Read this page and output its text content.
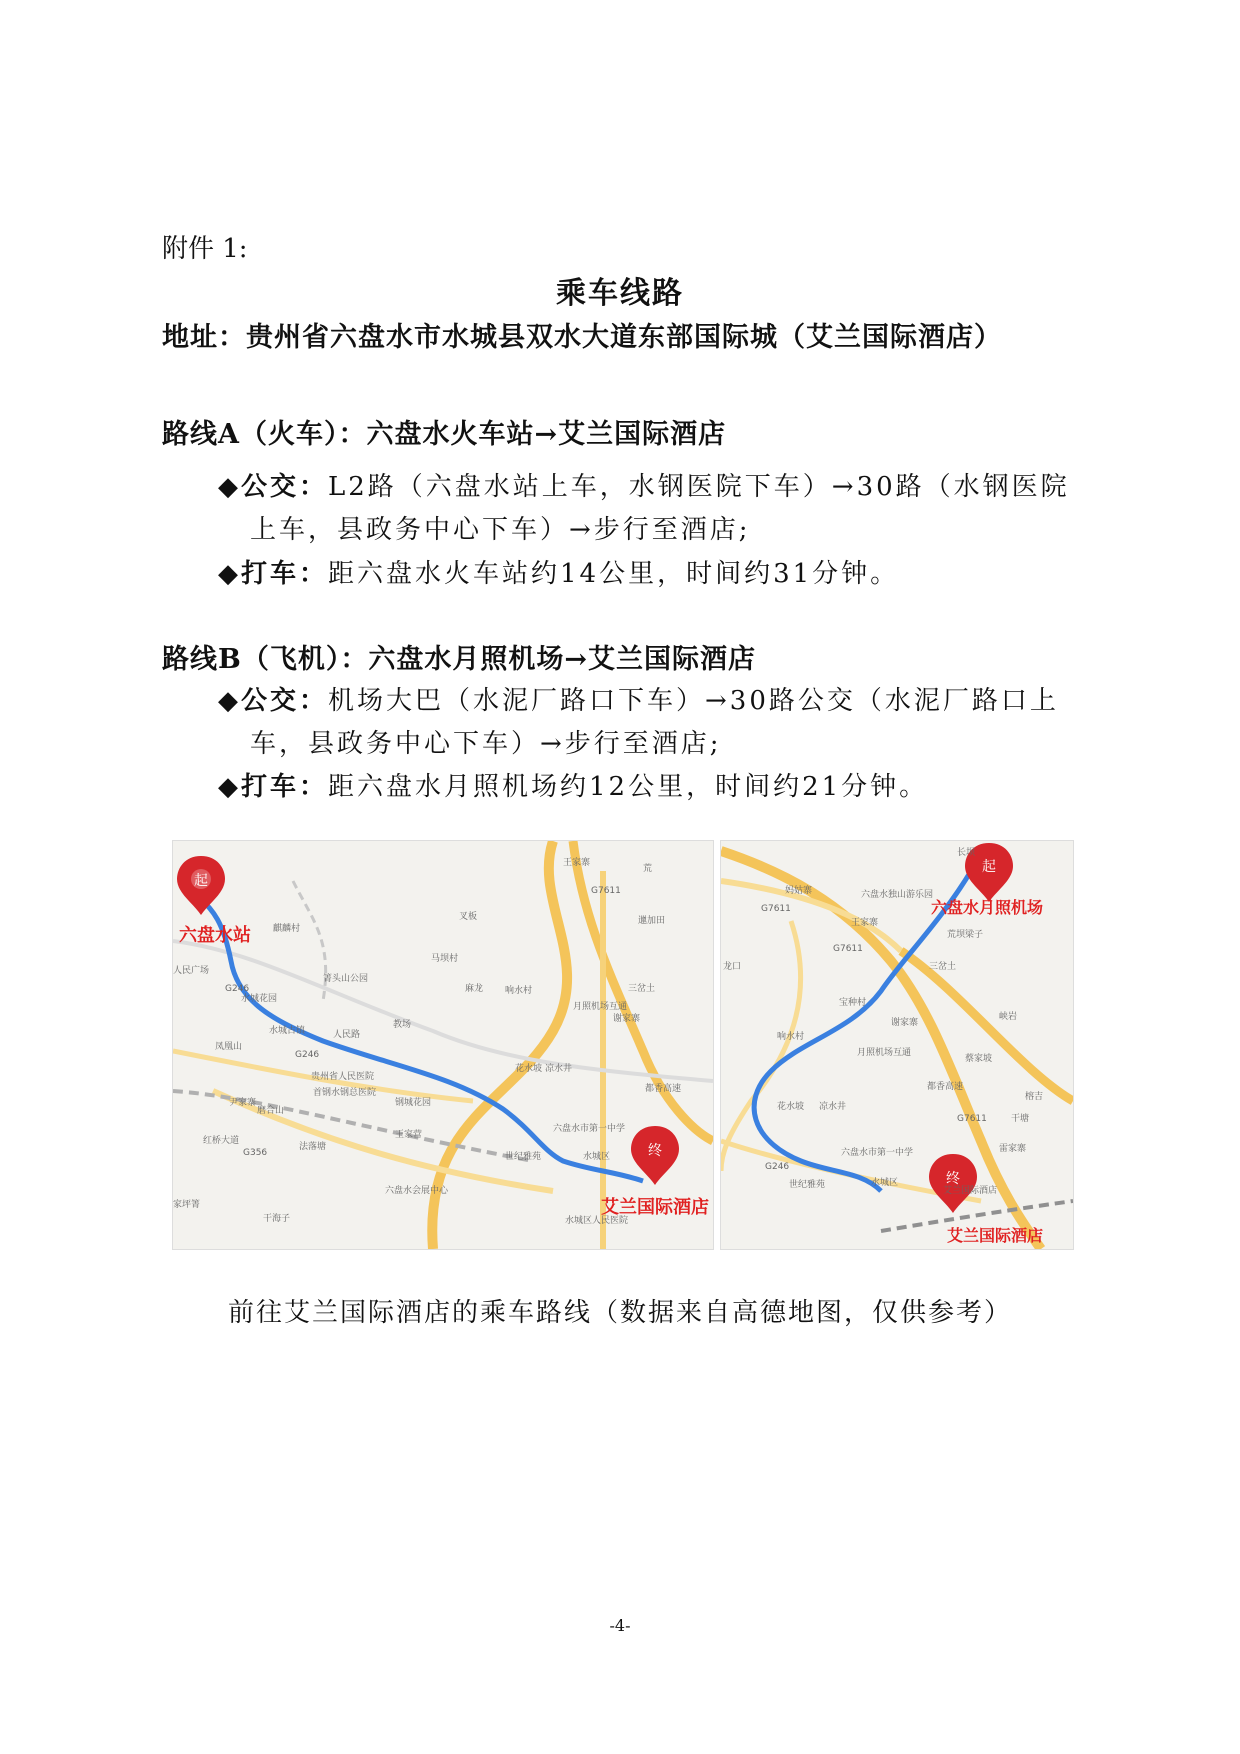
附件 1:
乘车线路
地址：贵州省六盘水市水城县双水大道东部国际城（艾兰国际酒店）
路线A（火车）：六盘水火车站→艾兰国际酒店
◆公交：L2路（六盘水站上车，水钢医院下车）→30路（水钢医院
上车，县政务中心下车）→步行至酒店;
◆打车：距六盘水火车站约14公里，时间约31分钟。
路线B（飞机）：六盘水月照机场→艾兰国际酒店
◆公交：机场大巴（水泥厂路口下车）→30路公交（水泥厂路口上
车，县政务中心下车）→步行至酒店;
◆打车：距六盘水月照机场约12公里，时间约21分钟。
起
六盘水站
终
艾兰国际酒店
王家寨
G7611
荒
邋加田
三岔土
麒麟村
叉板
马坝村
箐头山公园
人民广场
G246
水城花园
水城古镇	人民路
教场
麻龙 响水村
月照机场互通
谢家寨
凤凰山
G246
贵州省人民医院
首钢水钢总医院
钢城花园
花水坡 凉水井
尹家寨
磨合山
六盘水市第一中学
红桥大道
法落塘
王家营
G356	世纪雅苑	水城区
都香高速
家坪箐
六盘水会展中心
干海子	水城区人民医院
起
六盘水月照机场
终
艾兰国际酒店
长坝
妈姑寨	六盘水独山游乐园
G7611
王家寨
荒坝梁子
G7611
三岔土
龙口
宝种村
谢家寨
峡岩
响水村
月照机场互通
蔡家坡
都香高速
花水坡 凉水井
G7611	干塘
榕吉
六盘水市第一中学
G246
世纪雅苑	水城区
艾兰国际酒店
雷家寨
前往艾兰国际酒店的乘车路线（数据来自高德地图，仅供参考）
-4-
